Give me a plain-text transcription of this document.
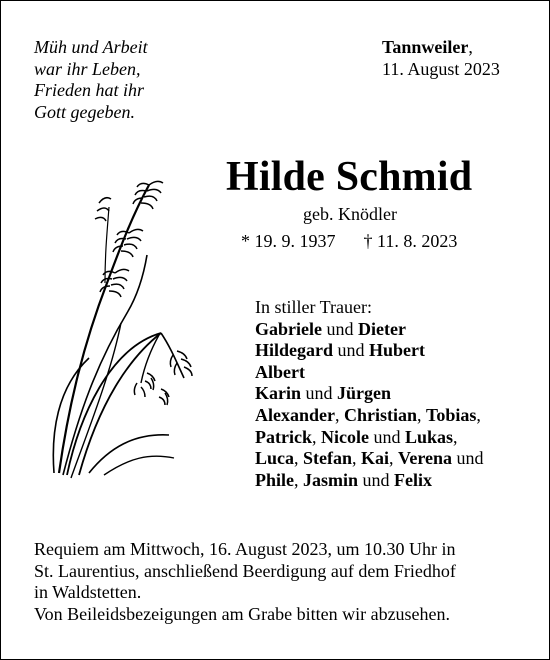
Müh und Arbeit
war ihr Leben,
Frieden hat ihr
Gott gegeben.
Tannweiler,
11. August 2023
Hilde Schmid
geb. Knödler
* 19. 9. 1937 † 11. 8. 2023
In stiller Trauer:
Gabriele und Dieter
Hildegard und Hubert
Albert
Karin und Jürgen
Alexander, Christian, Tobias,
Patrick, Nicole und Lukas,
Luca, Stefan, Kai, Verena und
Phile, Jasmin und Felix
Requiem am Mittwoch, 16. August 2023, um 10.30 Uhr in
St. Laurentius, anschließend Beerdigung auf dem Friedhof
in Waldstetten.
Von Beileidsbezeigungen am Grabe bitten wir abzusehen.
